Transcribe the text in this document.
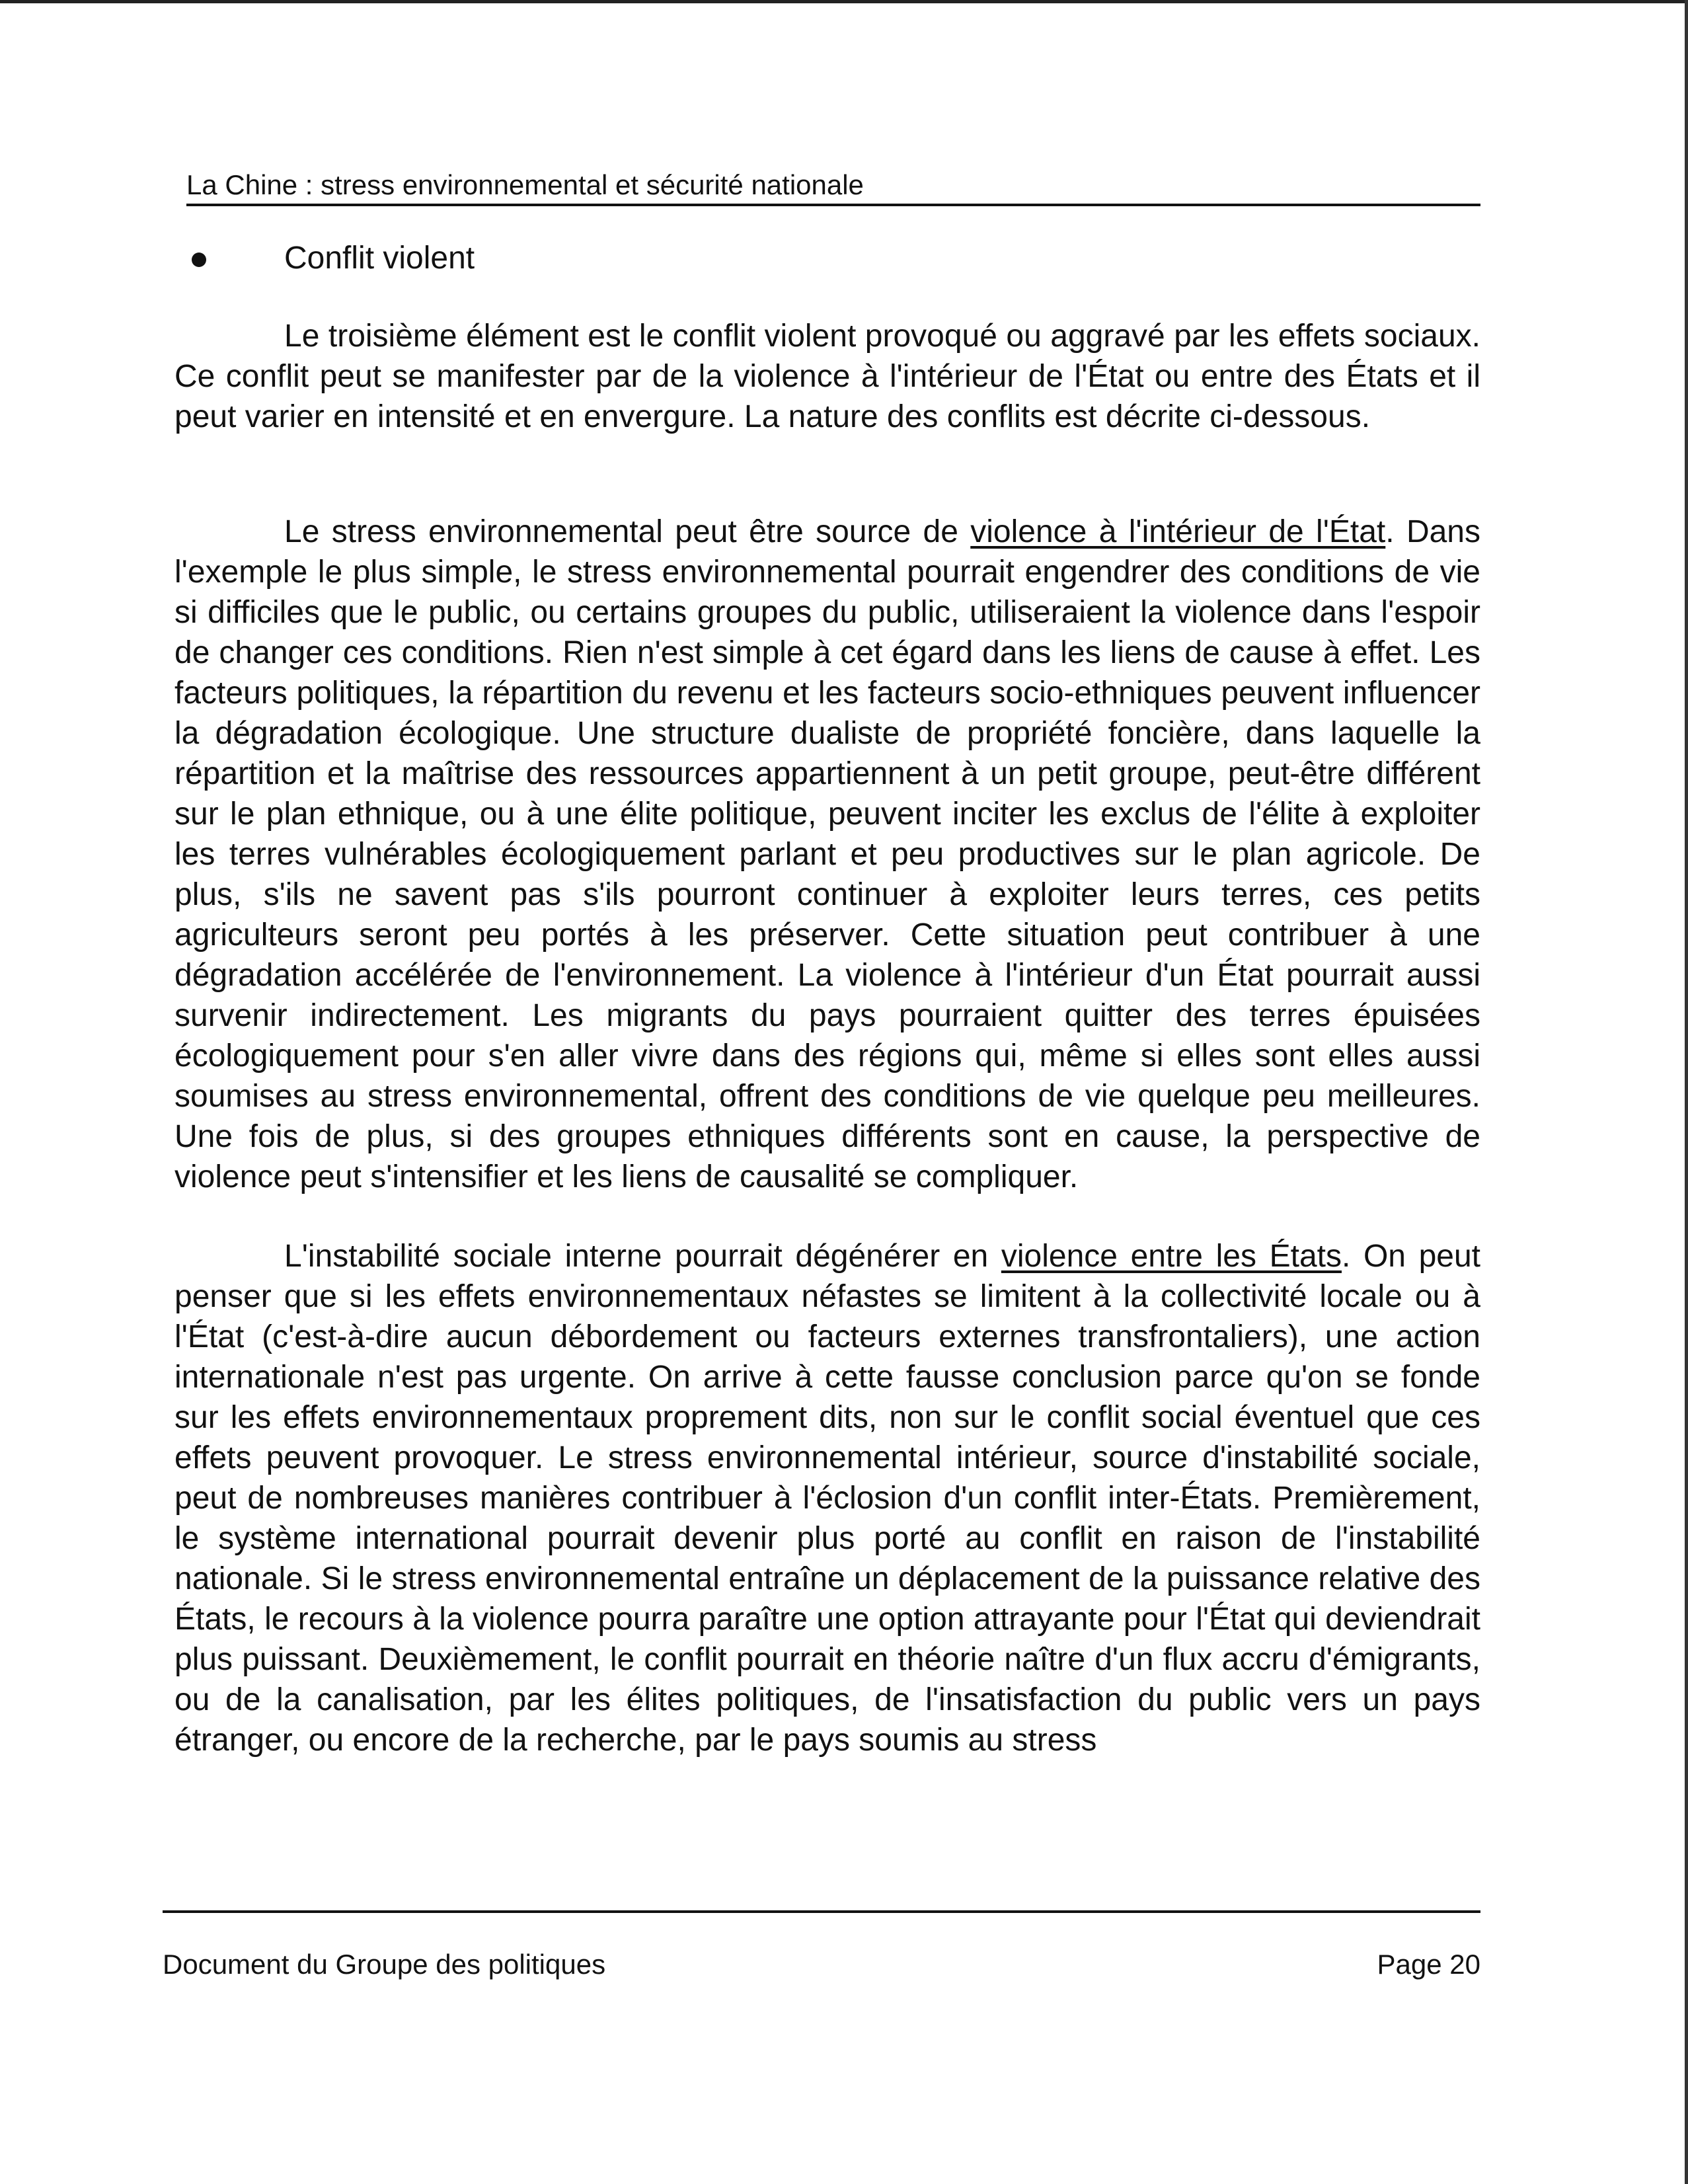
La Chine : stress environnemental et sécurité nationale
Conflit violent

Le troisième élément est le conflit violent provoqué ou aggravé par les effets sociaux. Ce conflit peut se manifester par de la violence à l'intérieur de l'État ou entre des États et il peut varier en intensité et en envergure. La nature des conflits est décrite ci-dessous.

Le stress environnemental peut être source de violence à l'intérieur de l'État. Dans l'exemple le plus simple, le stress environnemental pourrait engendrer des conditions de vie si difficiles que le public, ou certains groupes du public, utiliseraient la violence dans l'espoir de changer ces conditions. Rien n'est simple à cet égard dans les liens de cause à effet. Les facteurs politiques, la répartition du revenu et les facteurs socio-ethniques peuvent influencer la dégradation écologique. Une structure dualiste de propriété foncière, dans laquelle la répartition et la maîtrise des ressources appartiennent à un petit groupe, peut-être différent sur le plan ethnique, ou à une élite politique, peuvent inciter les exclus de l'élite à exploiter les terres vulnérables écologiquement parlant et peu productives sur le plan agricole. De plus, s'ils ne savent pas s'ils pourront continuer à exploiter leurs terres, ces petits agriculteurs seront peu portés à les préserver. Cette situation peut contribuer à une dégradation accélérée de l'environnement. La violence à l'intérieur d'un État pourrait aussi survenir indirectement. Les migrants du pays pourraient quitter des terres épuisées écologiquement pour s'en aller vivre dans des régions qui, même si elles sont elles aussi soumises au stress environnemental, offrent des conditions de vie quelque peu meilleures. Une fois de plus, si des groupes ethniques différents sont en cause, la perspective de violence peut s'intensifier et les liens de causalité se compliquer.

L'instabilité sociale interne pourrait dégénérer en violence entre les États. On peut penser que si les effets environnementaux néfastes se limitent à la collectivité locale ou à l'État (c'est-à-dire aucun débordement ou facteurs externes transfrontaliers), une action internationale n'est pas urgente. On arrive à cette fausse conclusion parce qu'on se fonde sur les effets environnementaux proprement dits, non sur le conflit social éventuel que ces effets peuvent provoquer. Le stress environnemental intérieur, source d'instabilité sociale, peut de nombreuses manières contribuer à l'éclosion d'un conflit inter-États. Premièrement, le système international pourrait devenir plus porté au conflit en raison de l'instabilité nationale. Si le stress environnemental entraîne un déplacement de la puissance relative des États, le recours à la violence pourra paraître une option attrayante pour l'État qui deviendrait plus puissant. Deuxièmement, le conflit pourrait en théorie naître d'un flux accru d'émigrants, ou de la canalisation, par les élites politiques, de l'insatisfaction du public vers un pays étranger, ou encore de la recherche, par le pays soumis au stress

Document du Groupe des politiques	Page 20
